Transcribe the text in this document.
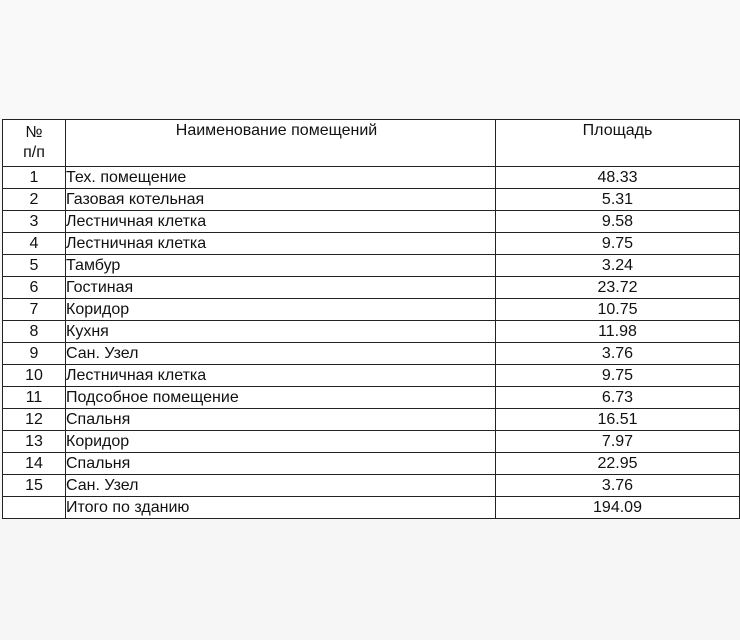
№
п/п	Наименование помещений	Площадь
1	Тех. помещение	48.33
2	Газовая котельная	5.31
3	Лестничная клетка	9.58
4	Лестничная клетка	9.75
5	Тамбур	3.24
6	Гостиная	23.72
7	Коридор	10.75
8	Кухня	11.98
9	Сан. Узел	3.76
10	Лестничная клетка	9.75
11	Подсобное помещение	6.73
12	Спальня	16.51
13	Коридор	7.97
14	Спальня	22.95
15	Сан. Узел	3.76
	Итого по зданию	194.09
